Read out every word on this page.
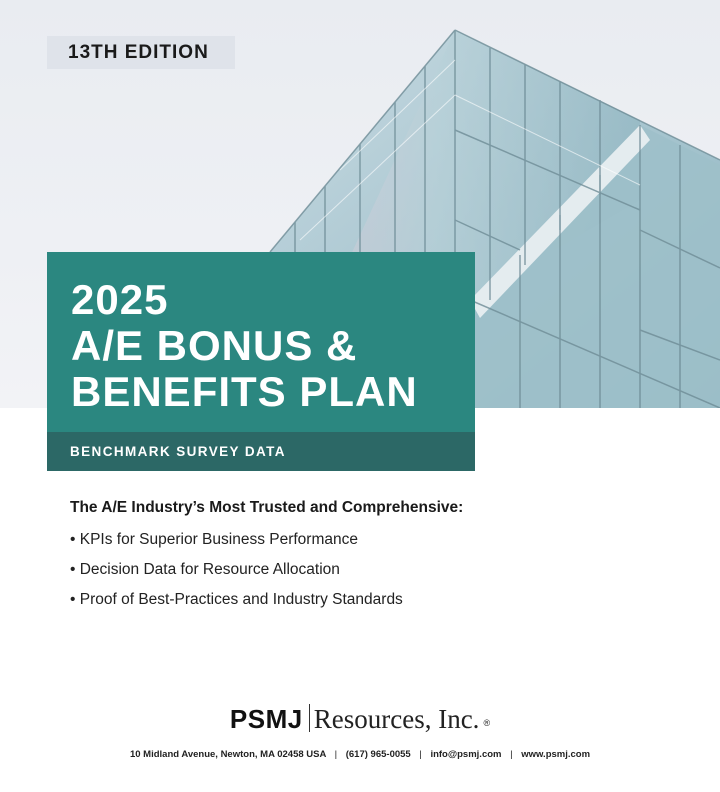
13TH EDITION
2025
A/E BONUS &
BENEFITS PLAN
BENCHMARK SURVEY DATA
The A/E Industry’s Most Trusted and Comprehensive:
• KPIs for Superior Business Performance
• Decision Data for Resource Allocation
• Proof of Best-Practices and Industry Standards
PSMJ Resources, Inc. ®
10 Midland Avenue, Newton, MA 02458 USA | (617) 965-0055 | info@psmj.com | www.psmj.com
